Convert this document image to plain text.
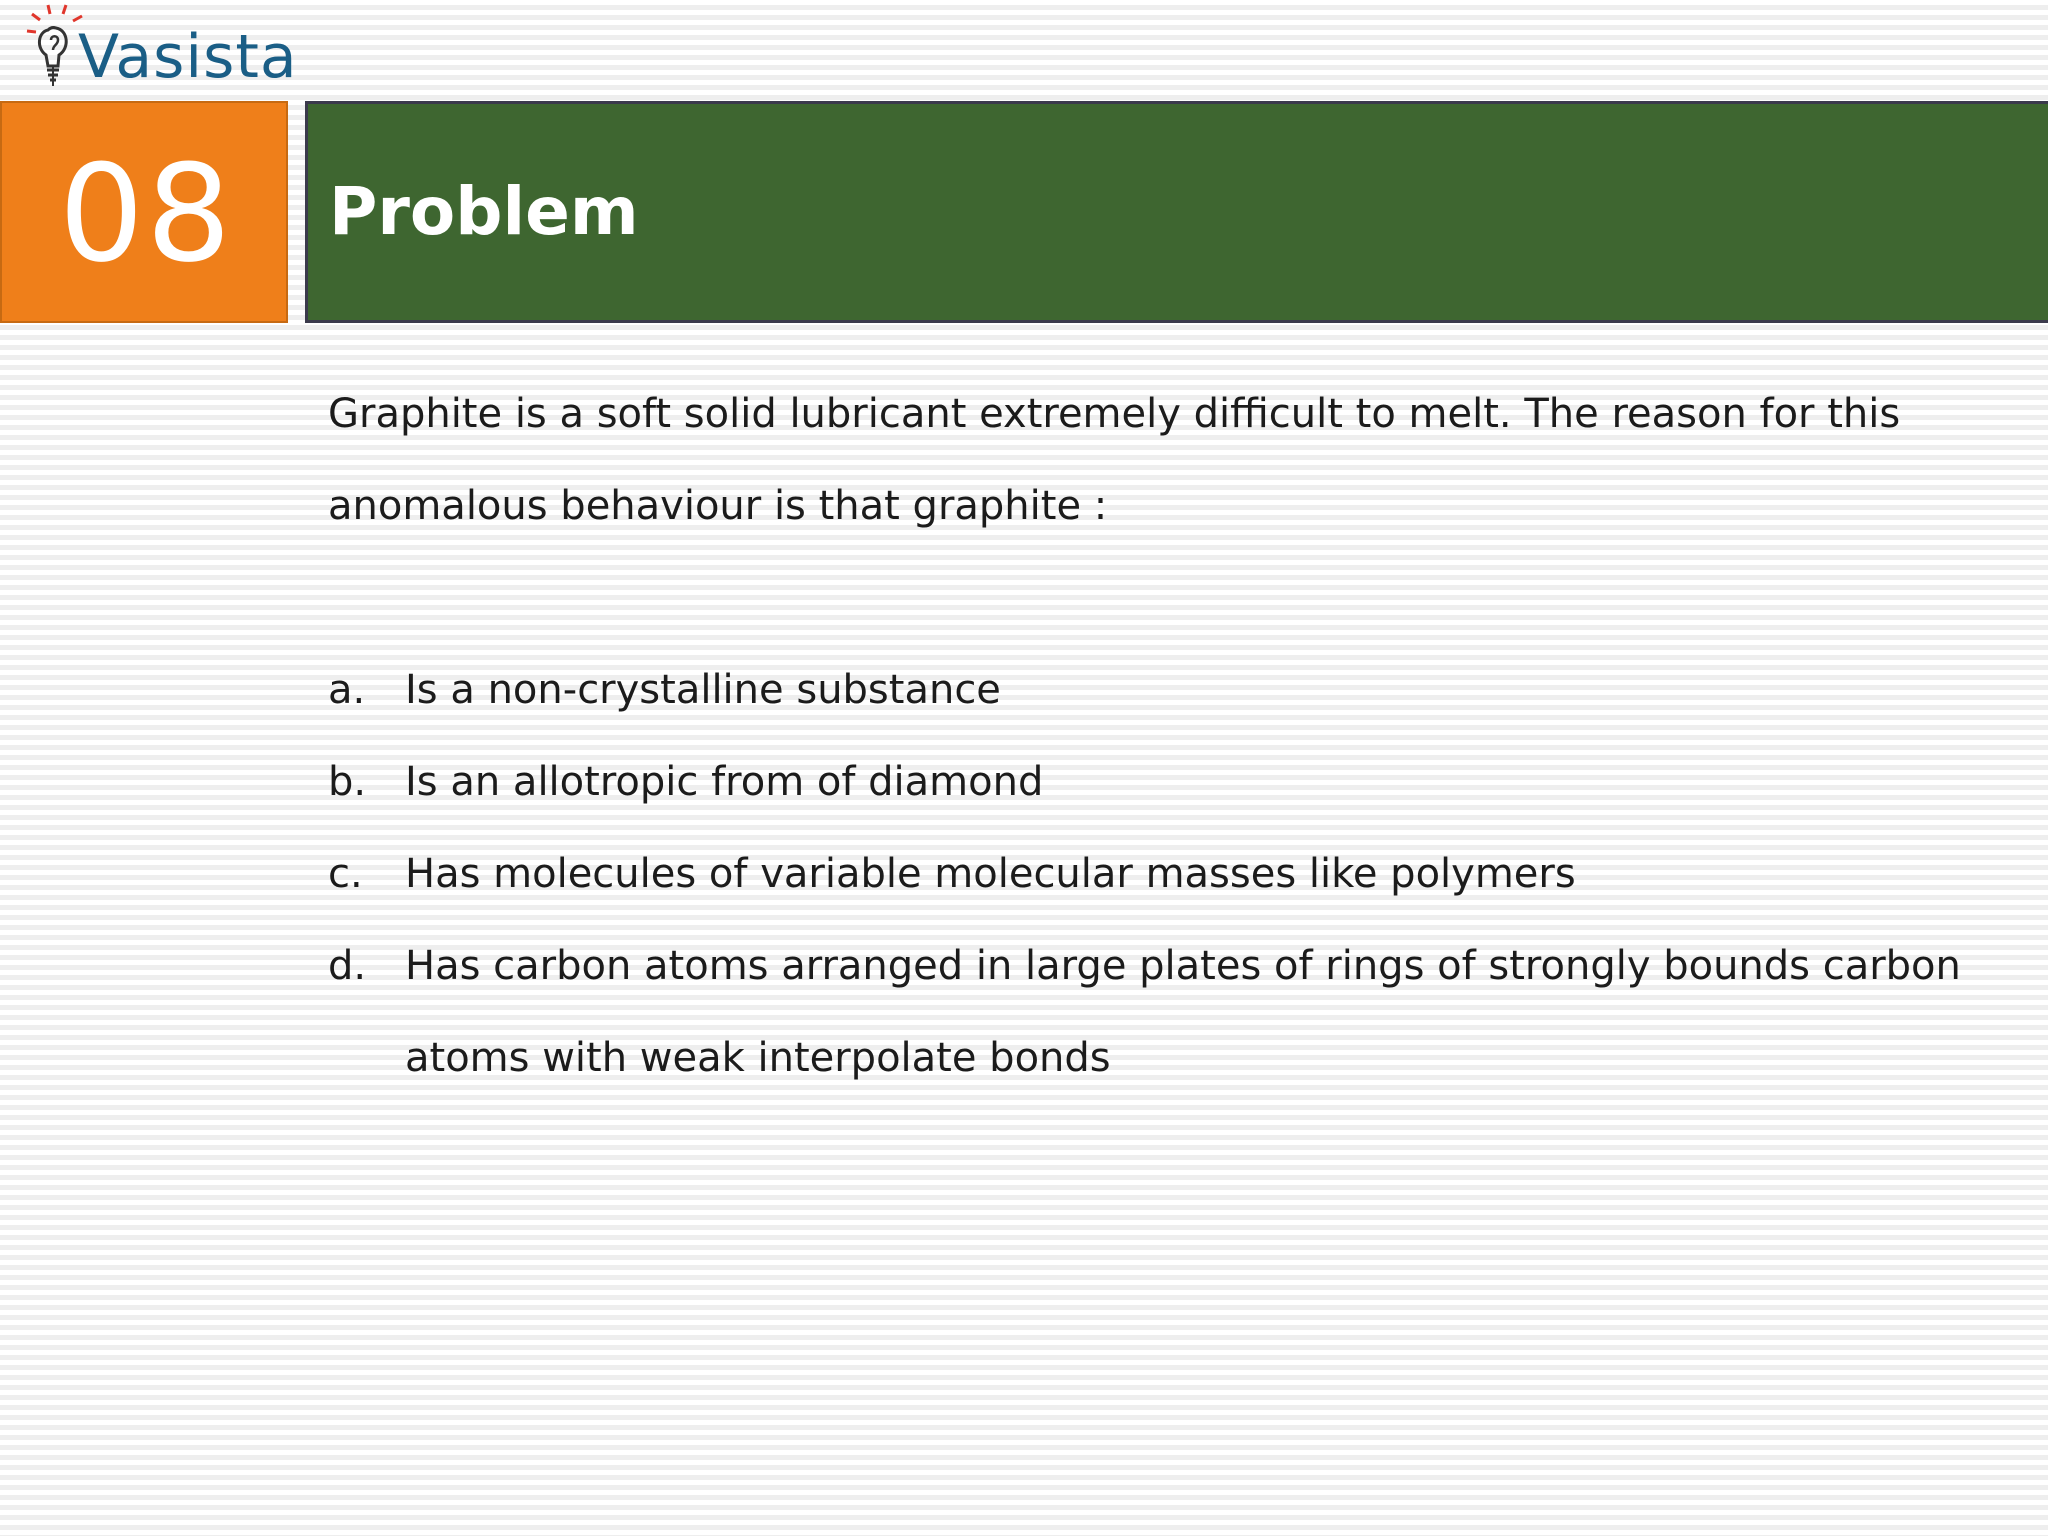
Vasista
08	Problem

Graphite is a soft solid lubricant extremely difficult to melt. The reason for this anomalous behaviour is that graphite :

a. Is a non-crystalline substance
b. Is an allotropic from of diamond
c. Has molecules of variable molecular masses like polymers
d. Has carbon atoms arranged in large plates of rings of strongly bounds carbon atoms with weak interpolate bonds
